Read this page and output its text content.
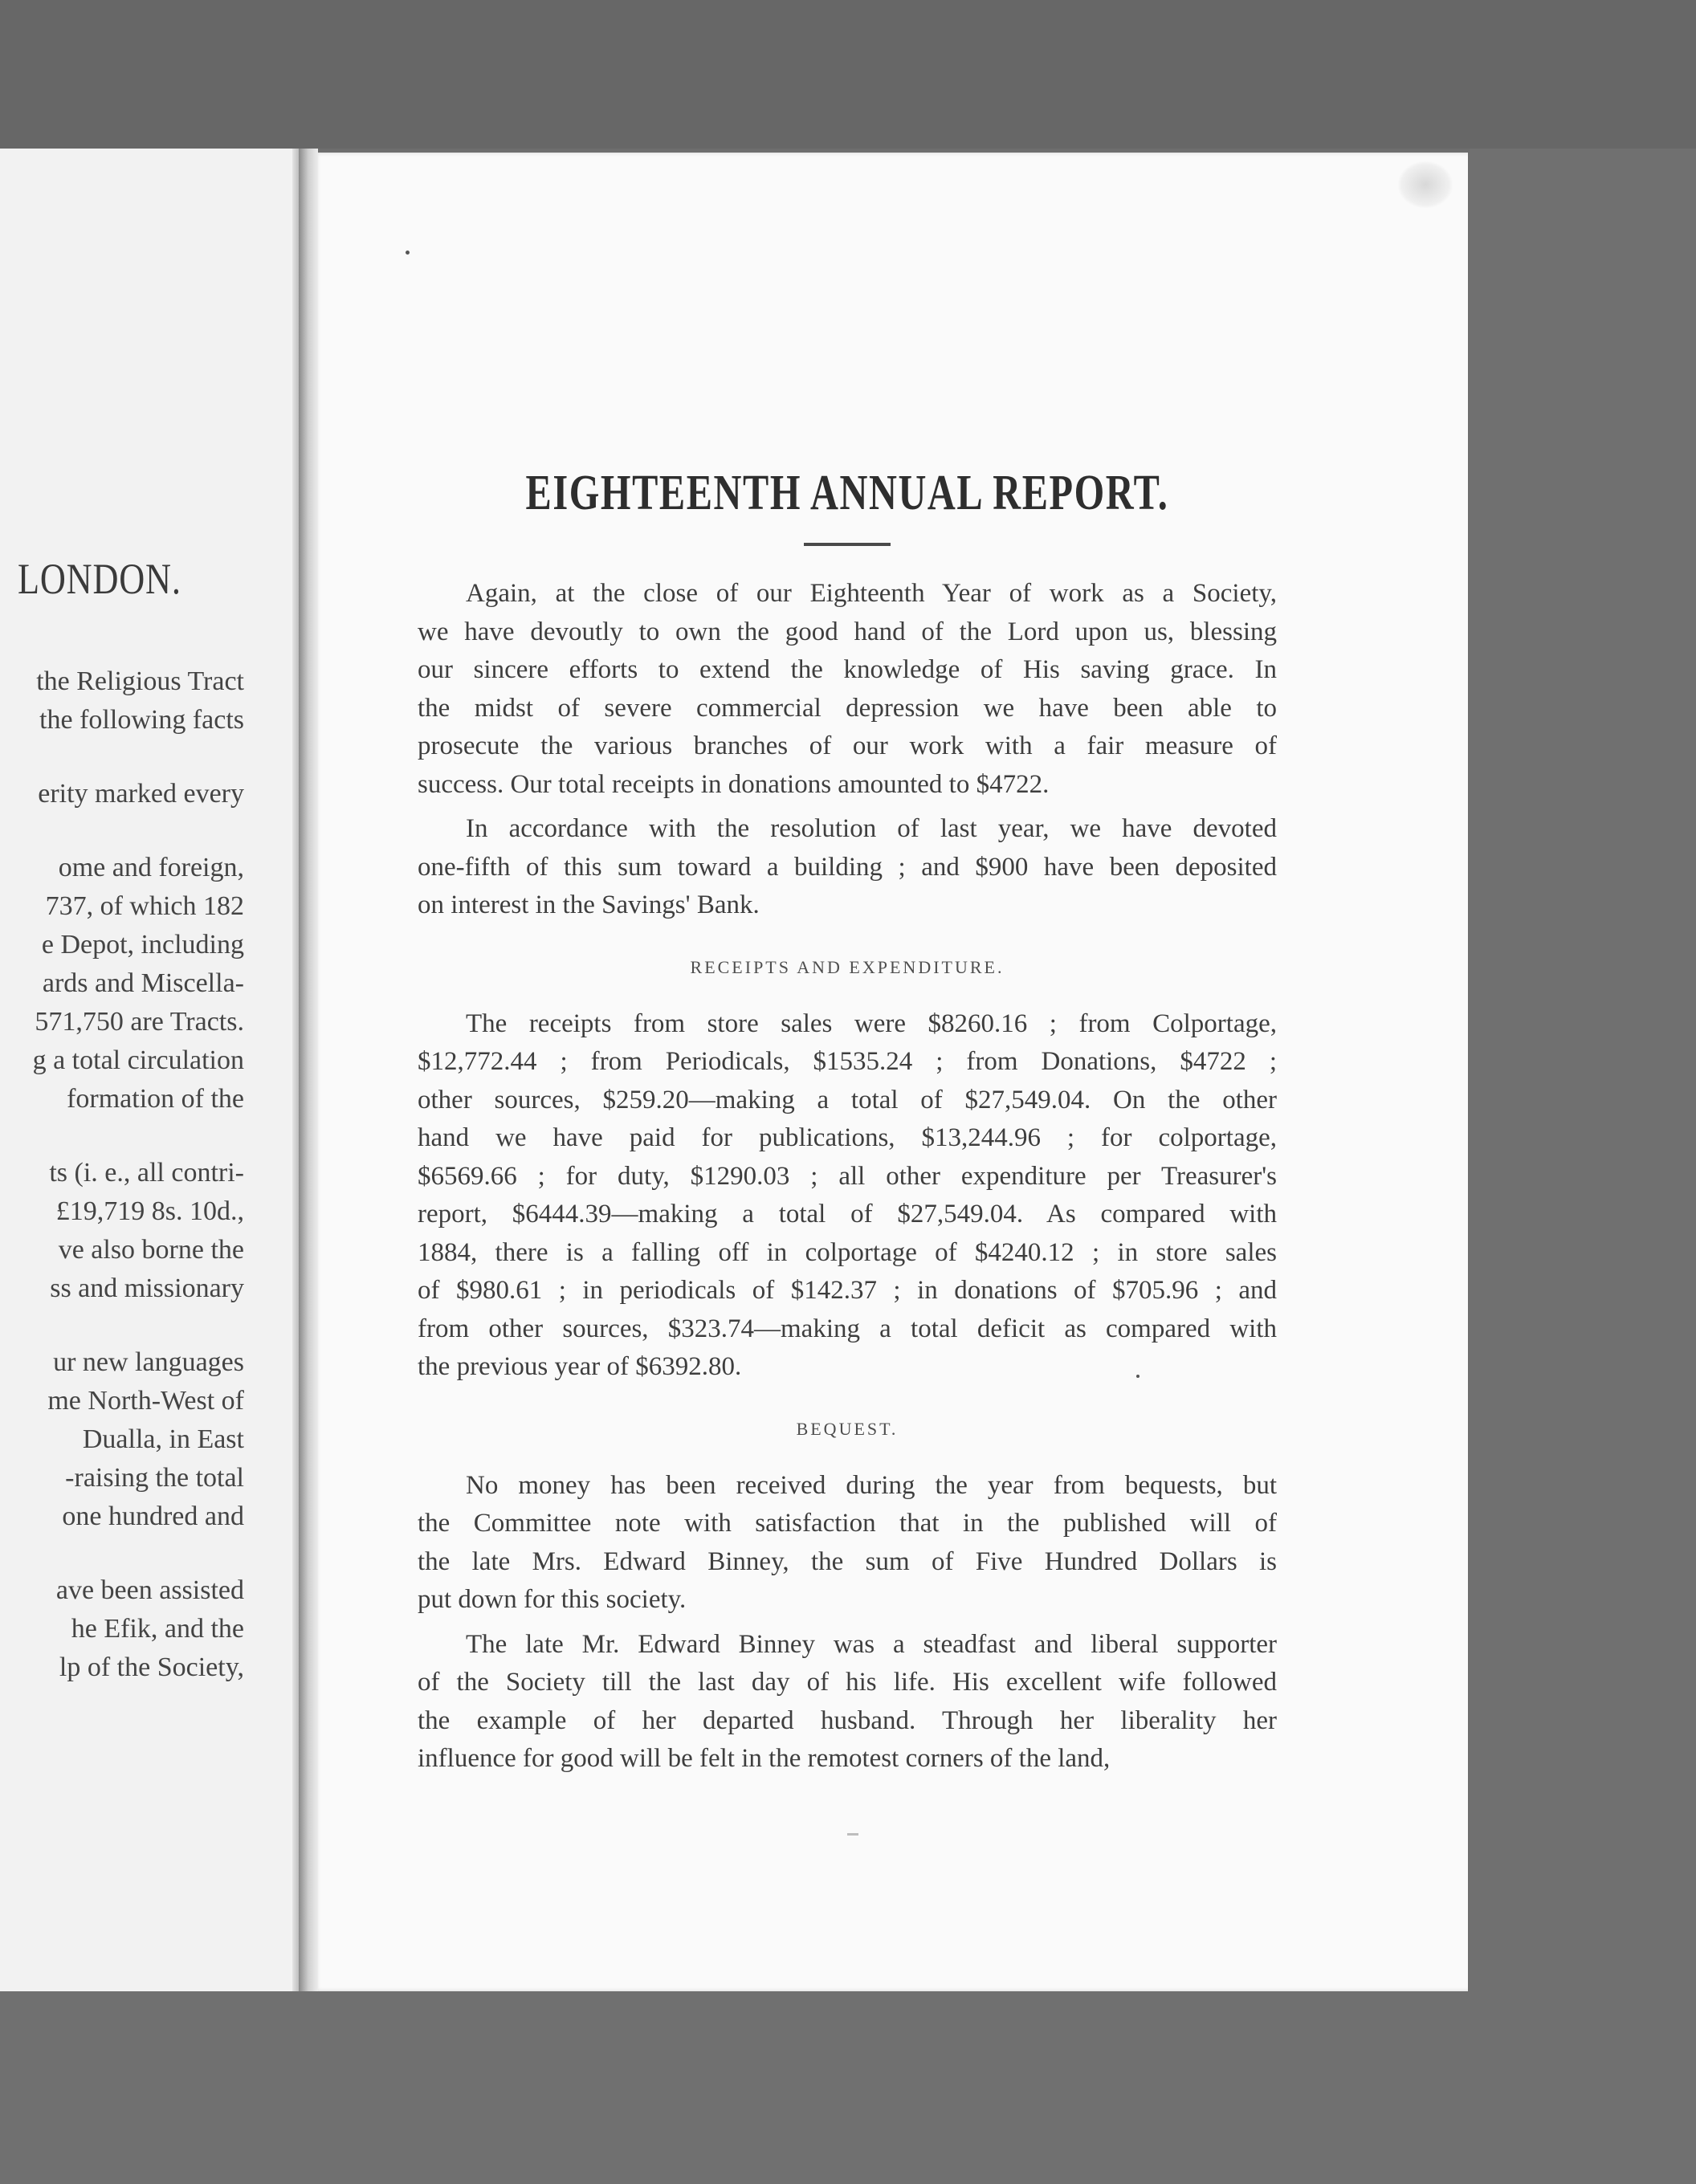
LONDON.
the Religious Tract
the following facts
erity marked every
ome and foreign,
737, of which 182
e Depot, including
ards and Miscella-
571,750 are Tracts.
g a total circulation
formation of the
ts (i. e., all contri-
£19,719 8s. 10d.,
ve also borne the
ss and missionary
ur new languages
me North-West of
Dualla, in East
-raising the total
one hundred and
ave been assisted
he Efik, and the
lp of the Society,
EIGHTEENTH ANNUAL REPORT.

Again, at the close of our Eighteenth Year of work as a Society,
we have devoutly to own the good hand of the Lord upon us, blessing
our sincere efforts to extend the knowledge of His saving grace. In
the midst of severe commercial depression we have been able to
prosecute the various branches of our work with a fair measure of
success. Our total receipts in donations amounted to $4722.

In accordance with the resolution of last year, we have devoted
one-fifth of this sum toward a building ; and $900 have been deposited
on interest in the Savings' Bank.

RECEIPTS AND EXPENDITURE.

The receipts from store sales were $8260.16 ; from Colportage,
$12,772.44 ; from Periodicals, $1535.24 ; from Donations, $4722 ;
other sources, $259.20—making a total of $27,549.04. On the other
hand we have paid for publications, $13,244.96 ; for colportage,
$6569.66 ; for duty, $1290.03 ; all other expenditure per Treasurer's
report, $6444.39—making a total of $27,549.04. As compared with
1884, there is a falling off in colportage of $4240.12 ; in store sales
of $980.61 ; in periodicals of $142.37 ; in donations of $705.96 ; and
from other sources, $323.74—making a total deficit as compared with
the previous year of $6392.80.

BEQUEST.

No money has been received during the year from bequests, but
the Committee note with satisfaction that in the published will of
the late Mrs. Edward Binney, the sum of Five Hundred Dollars is
put down for this society.

The late Mr. Edward Binney was a steadfast and liberal supporter
of the Society till the last day of his life. His excellent wife followed
the example of her departed husband. Through her liberality her
influence for good will be felt in the remotest corners of the land,
